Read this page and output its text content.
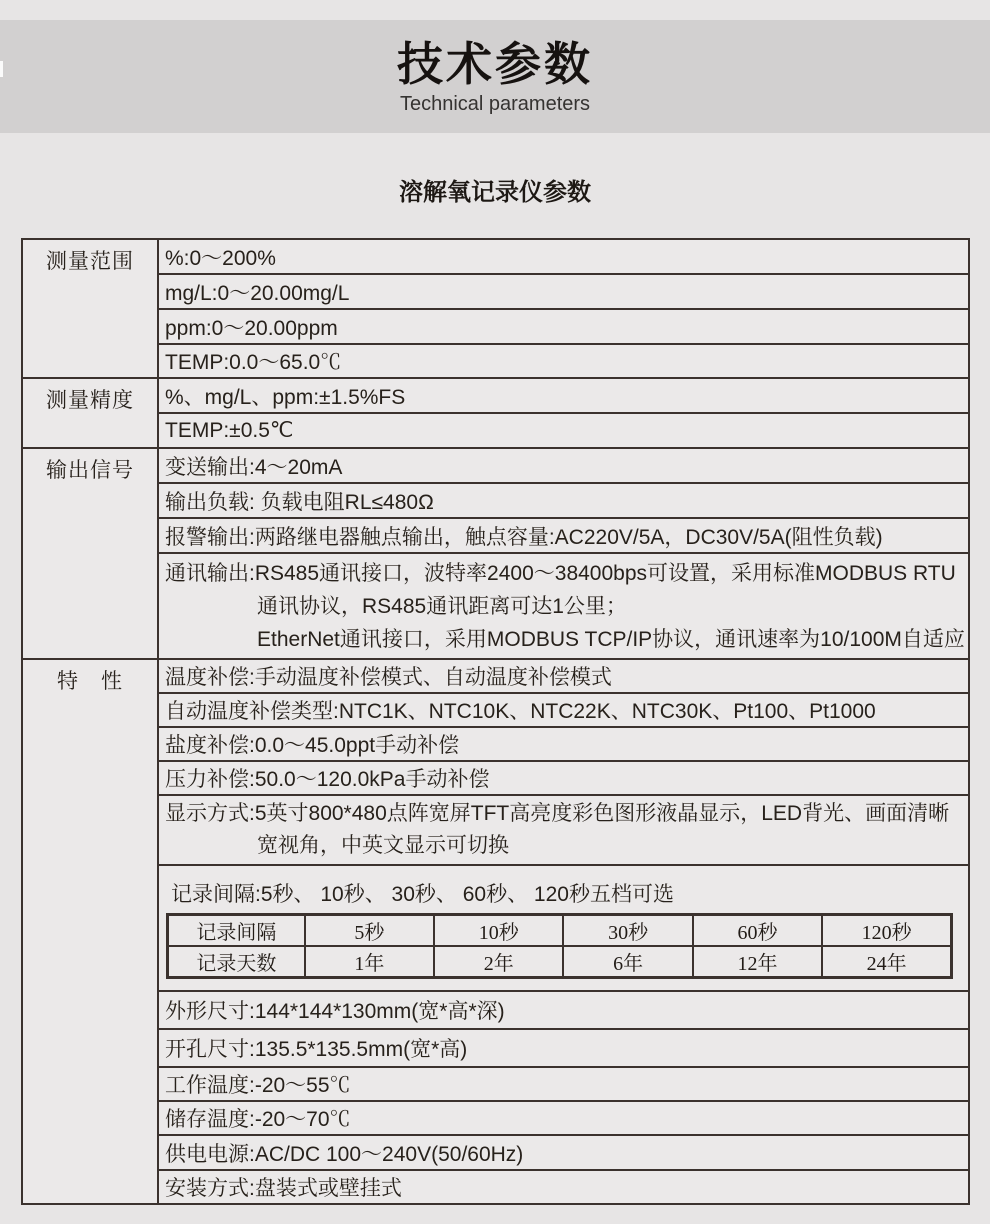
技术参数
Technical parameters
溶解氧记录仪参数
测量范围	%:0～200%
mg/L:0～20.00mg/L
ppm:0～20.00ppm
TEMP:0.0～65.0℃
测量精度	%、mg/L、ppm:±1.5%FS
TEMP:±0.5℃
输出信号	变送输出:4～20mA
输出负载: 负载电阻RL≤480Ω
报警输出:两路继电器触点输出，触点容量:AC220V/5A，DC30V/5A(阻性负载)

通讯输出:RS485通讯接口，波特率2400～38400bps可设置，采用标准MODBUS RTU
通讯协议，RS485通讯距离可达1公里；
EtherNet通讯接口，采用MODBUS TCP/IP协议，通讯速率为10/100M自适应

特　性	温度补偿:手动温度补偿模式、自动温度补偿模式
自动温度补偿类型:NTC1K、NTC10K、NTC22K、NTC30K、Pt100、Pt1000
盐度补偿:0.0～45.0ppt手动补偿
压力补偿:50.0～120.0kPa手动补偿

显示方式:5英寸800*480点阵宽屏TFT高亮度彩色图形液晶显示，LED背光、画面清晰
宽视角，中英文显示可切换

记录间隔:5秒、 10秒、 30秒、 60秒、 120秒五档可选
记录间隔	5秒	10秒	30秒	60秒	120秒
记录天数	1年	2年	6年	12年	24年

外形尺寸:144*144*130mm(宽*高*深)
开孔尺寸:135.5*135.5mm(宽*高)
工作温度:-20～55℃
储存温度:-20～70℃
供电电源:AC/DC 100～240V(50/60Hz)
安装方式:盘装式或壁挂式
